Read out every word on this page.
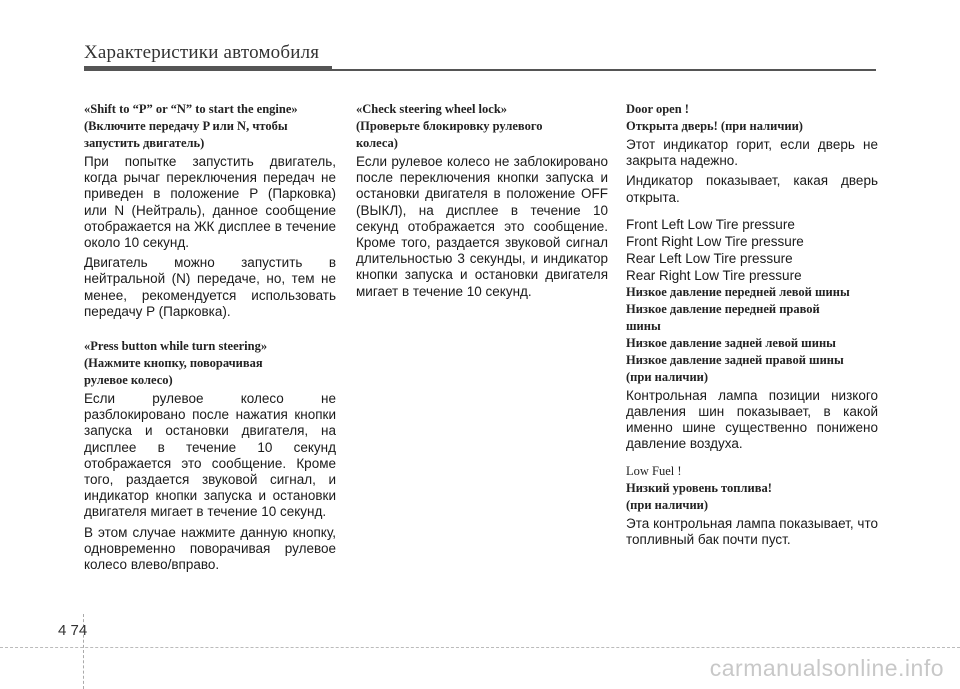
Характеристики автомобиля
«Shift to “P” or “N” to start the engine»
(Включите передачу P или N, чтобы
запустить двигатель)
При попытке запустить двигатель, когда рычаг переключения передач не приведен в положение P (Парковка) или N (Нейтраль), данное сообщение отображается на ЖК дисплее в течение около 10 секунд.
Двигатель можно запустить в нейтральной (N) передаче, но, тем не менее, рекомендуется использовать передачу P (Парковка).
«Press button while turn steering»
(Нажмите кнопку, поворачивая
рулевое колесо)
Если рулевое колесо не разблокировано после нажатия кнопки запуска и остановки двигателя, на дисплее в течение 10 секунд отображается это сообщение. Кроме того, раздается звуковой сигнал, и индикатор кнопки запуска и остановки двигателя мигает в течение 10 секунд.
В этом случае нажмите данную кнопку, одновременно поворачивая рулевое колесо влево/вправо.
«Check steering wheel lock»
(Проверьте блокировку рулевого
колеса)
Если рулевое колесо не заблокировано после переключения кнопки запуска и остановки двигателя в положение OFF (ВЫКЛ), на дисплее в течение 10 секунд отображается это сообщение. Кроме того, раздается звуковой сигнал длительностью 3 секунды, и индикатор кнопки запуска и остановки двигателя мигает в течение 10 секунд.
Door open !
Открыта дверь! (при наличии)
Этот индикатор горит, если дверь не закрыта надежно.
Индикатор показывает, какая дверь открыта.
Front Left Low Tire pressure
Front Right Low Tire pressure
Rear Left Low Tire pressure
Rear Right Low Tire pressure
Низкое давление передней левой шины
Низкое давление передней правой
шины
Низкое давление задней левой шины
Низкое давление задней правой шины
(при наличии)
Контрольная лампа позиции низкого давления шин показывает, в какой именно шине существенно понижено давление воздуха.
Low Fuel !
Низкий уровень топлива!
(при наличии)
Эта контрольная лампа показывает, что топливный бак почти пуст.
4 74
carmanualsonline.info
